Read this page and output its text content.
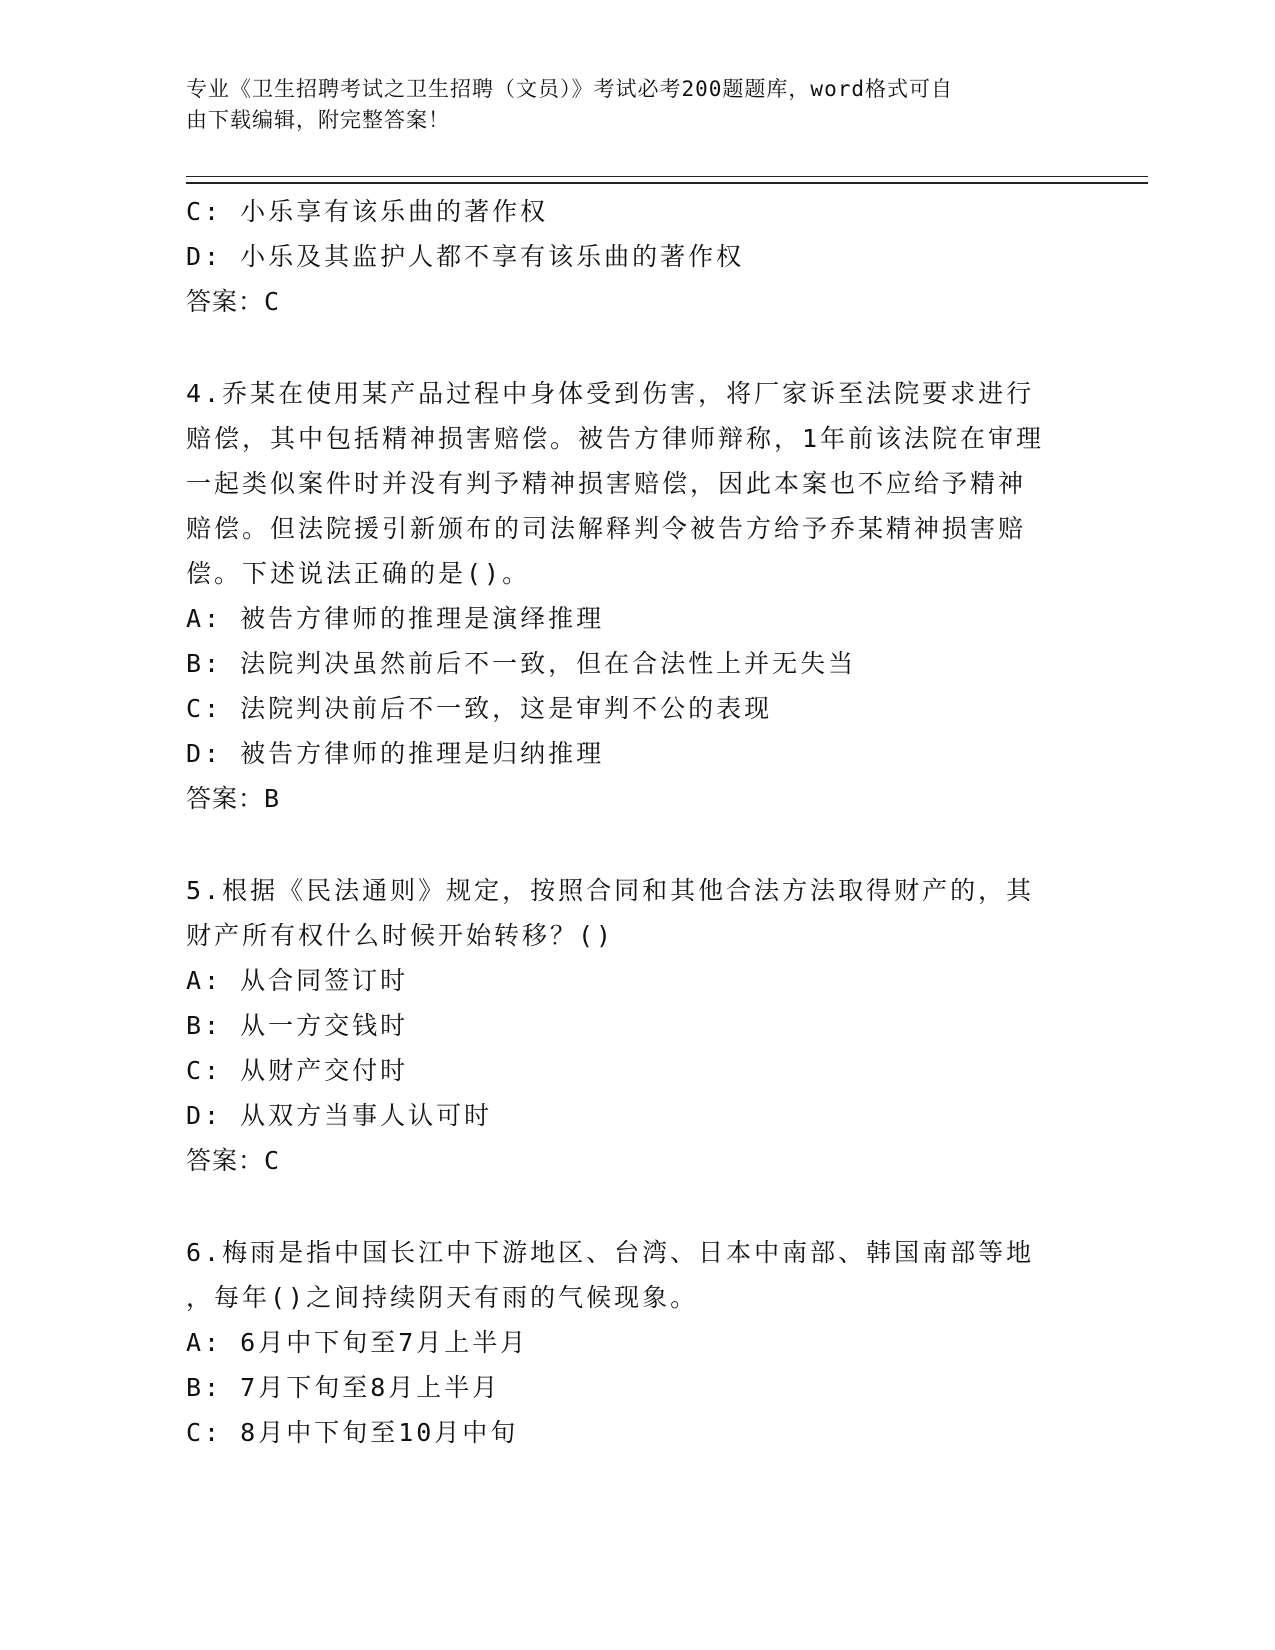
专业《卫生招聘考试之卫生招聘（文员）》考试必考200题题库，word格式可自
由下载编辑，附完整答案！
C: 小乐享有该乐曲的著作权
D: 小乐及其监护人都不享有该乐曲的著作权
答案：C
4.乔某在使用某产品过程中身体受到伤害，将厂家诉至法院要求进行
赔偿，其中包括精神损害赔偿。被告方律师辩称，1年前该法院在审理
一起类似案件时并没有判予精神损害赔偿，因此本案也不应给予精神
赔偿。但法院援引新颁布的司法解释判令被告方给予乔某精神损害赔
偿。下述说法正确的是()。
A: 被告方律师的推理是演绎推理
B: 法院判决虽然前后不一致，但在合法性上并无失当
C: 法院判决前后不一致，这是审判不公的表现
D: 被告方律师的推理是归纳推理
答案：B
5.根据《民法通则》规定，按照合同和其他合法方法取得财产的，其
财产所有权什么时候开始转移？()
A: 从合同签订时
B: 从一方交钱时
C: 从财产交付时
D: 从双方当事人认可时
答案：C
6.梅雨是指中国长江中下游地区、台湾、日本中南部、韩国南部等地
，每年()之间持续阴天有雨的气候现象。
A: 6月中下旬至7月上半月
B: 7月下旬至8月上半月
C: 8月中下旬至10月中旬
